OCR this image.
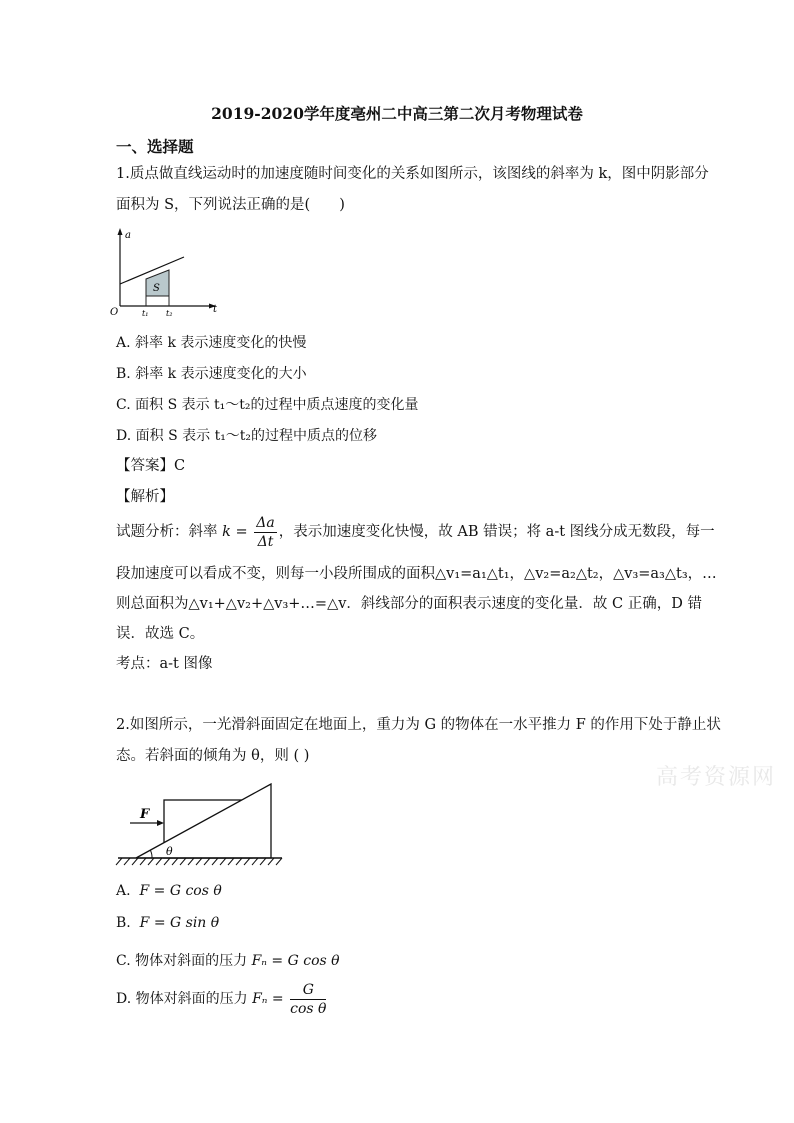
2019-2020学年度亳州二中高三第二次月考物理试卷
一、选择题
1.质点做直线运动时的加速度随时间变化的关系如图所示，该图线的斜率为 k，图中阴影部分
面积为 S，下列说法正确的是(　　)
a
t
O	t₁ t₂
S
A. 斜率 k 表示速度变化的快慢
B. 斜率 k 表示速度变化的大小
C. 面积 S 表示 t₁～t₂的过程中质点速度的变化量
D. 面积 S 表示 t₁～t₂的过程中质点的位移
【答案】C
【解析】
试题分析：斜率 $k = \frac{\Delta a}{\Delta t}$ ，表示加速度变化快慢，故 AB 错误；将 a-t 图线分成无数段，每一
段加速度可以看成不变，则每一小段所围成的面积△v₁=a₁△t₁，△v₂=a₂△t₂，△v₃=a₃△t₃，…
则总面积为△v₁+△v₂+△v₃+…=△v．斜线部分的面积表示速度的变化量．故 C 正确，D 错
误．故选 C。
考点：a-t 图像
2.如图所示，一光滑斜面固定在地面上，重力为 G 的物体在一水平推力 F 的作用下处于静止状
态。若斜面的倾角为 θ，则 ( )
F
θ
A. F = G cos θ
B. F = G sin θ
C. 物体对斜面的压力 Fₙ = G cos θ
D. 物体对斜面的压力 $F_n = \frac{G}{\text{cos θ}}$
高考资源网
